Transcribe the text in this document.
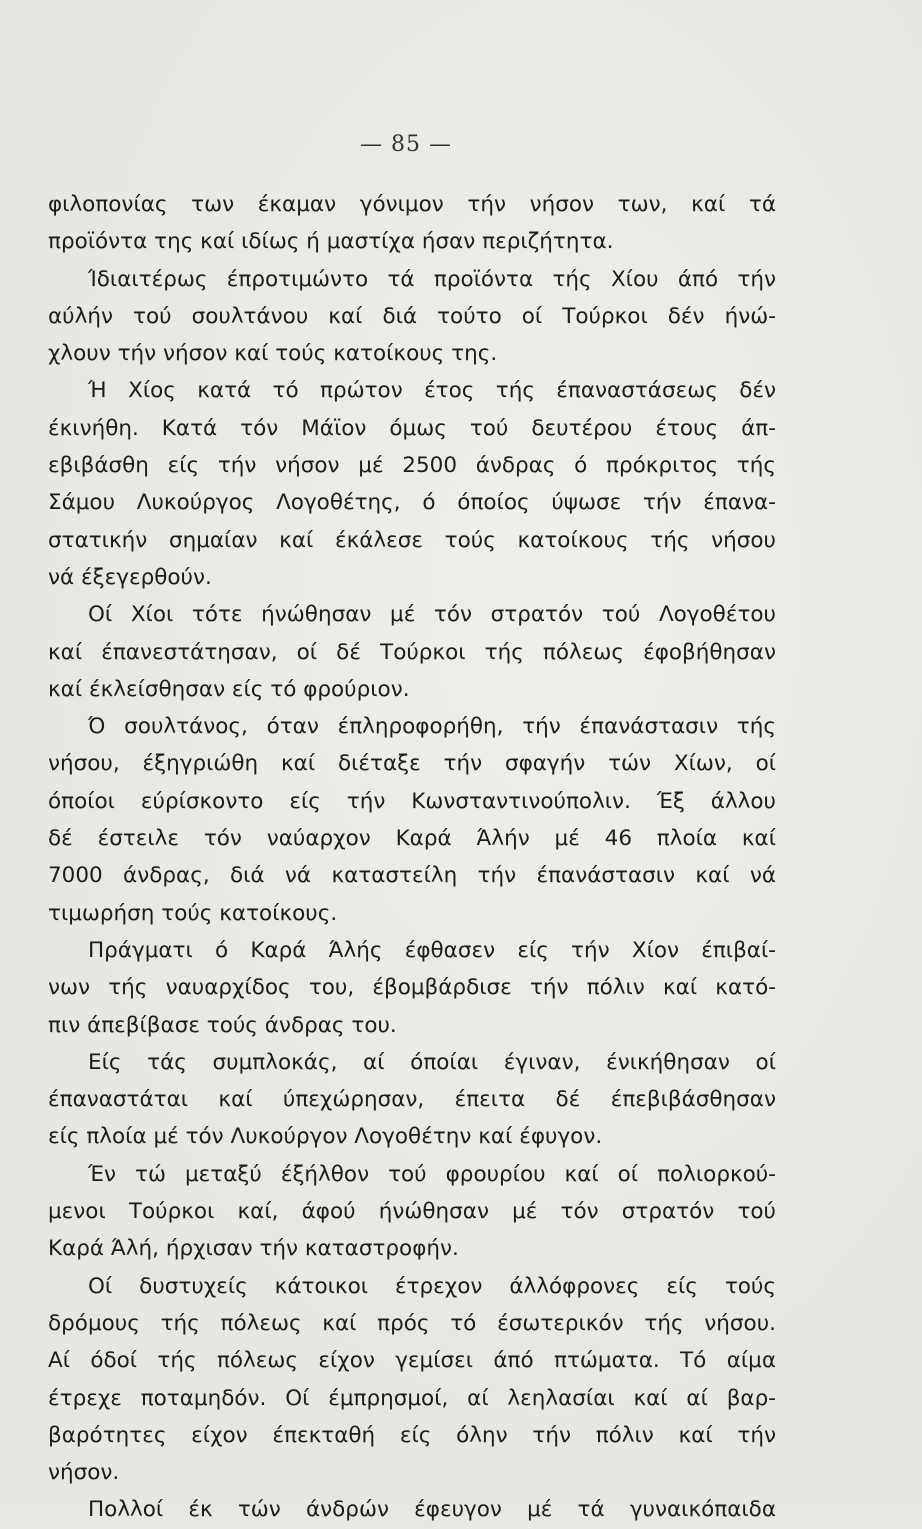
— 85 —
φιλοπονίας των έκαμαν γόνιμον τήν νήσον των, καί τά
προϊόντα της καί ιδίως ή μαστίχα ήσαν περιζήτητα.
Ίδιαιτέρως έπροτιμώντο τά προϊόντα τής Χίου άπό τήν
αύλήν τού σουλτάνου καί διά τούτο οί Τούρκοι δέν ήνώ-
χλουν τήν νήσον καί τούς κατοίκους της.
Ή Χίος κατά τό πρώτον έτος τής έπαναστάσεως δέν
έκινήθη. Κατά τόν Μάϊον όμως τού δευτέρου έτους άπ-
εβιβάσθη είς τήν νήσον μέ 2500 άνδρας ό πρόκριτος τής
Σάμου Λυκούργος Λογοθέτης, ό όποίος ύψωσε τήν έπανα-
στατικήν σημαίαν καί έκάλεσε τούς κατοίκους τής νήσου
νά έξεγερθούν.
Οί Χίοι τότε ήνώθησαν μέ τόν στρατόν τού Λογοθέτου
καί έπανεστάτησαν, οί δέ Τούρκοι τής πόλεως έφοβήθησαν
καί έκλείσθησαν είς τό φρούριον.
Ό σουλτάνος, όταν έπληροφορήθη, τήν έπανάστασιν τής
νήσου, έξηγριώθη καί διέταξε τήν σφαγήν τών Χίων, οί
όποίοι εύρίσκοντο είς τήν Κωνσταντινούπολιν. Έξ άλλου
δέ έστειλε τόν ναύαρχον Καρά Άλήν μέ 46 πλοία καί
7000 άνδρας, διά νά καταστείλη τήν έπανάστασιν καί νά
τιμωρήση τούς κατοίκους.
Πράγματι ό Καρά Άλής έφθασεν είς τήν Χίον έπιβαί-
νων τής ναυαρχίδος του, έβομβάρδισε τήν πόλιν καί κατό-
πιν άπεβίβασε τούς άνδρας του.
Είς τάς συμπλοκάς, αί όποίαι έγιναν, ένικήθησαν οί
έπαναστάται καί ύπεχώρησαν, έπειτα δέ έπεβιβάσθησαν
είς πλοία μέ τόν Λυκούργον Λογοθέτην καί έφυγον.
Έν τώ μεταξύ έξήλθον τού φρουρίου καί οί πολιορκού-
μενοι Τούρκοι καί, άφού ήνώθησαν μέ τόν στρατόν τού
Καρά Άλή, ήρχισαν τήν καταστροφήν.
Οί δυστυχείς κάτοικοι έτρεχον άλλόφρονες είς τούς
δρόμους τής πόλεως καί πρός τό έσωτερικόν τής νήσου.
Αί όδοί τής πόλεως είχον γεμίσει άπό πτώματα. Τό αίμα
έτρεχε ποταμηδόν. Οί έμπρησμοί, αί λεηλασίαι καί αί βαρ-
βαρότητες είχον έπεκταθή είς όλην τήν πόλιν καί τήν
νήσον.
Πολλοί έκ τών άνδρών έφευγον μέ τά γυναικόπαιδα
